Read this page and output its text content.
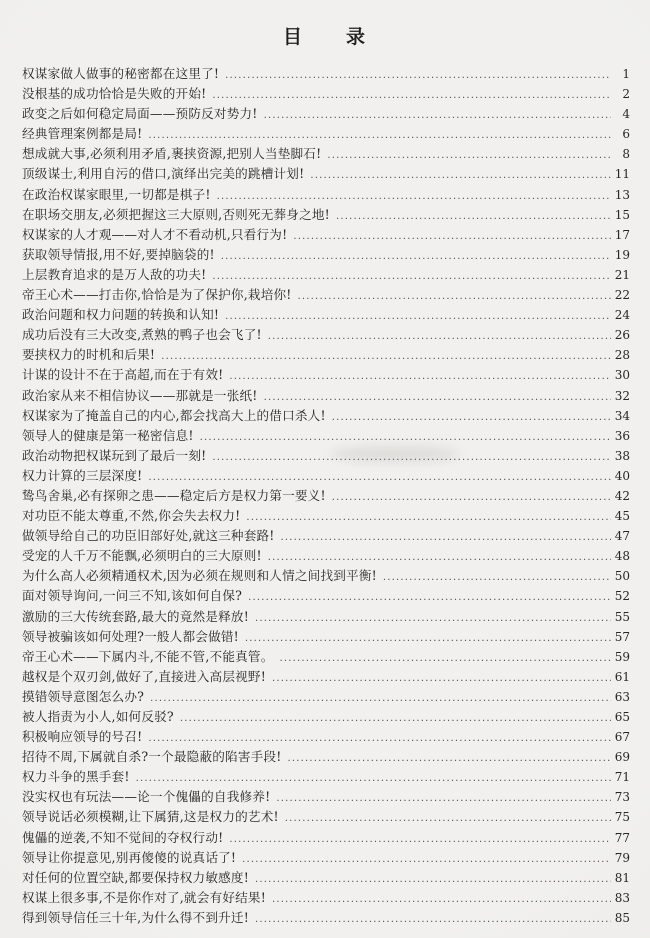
目　　录
权谋家做人做事的秘密都在这里了! .....	1
没根基的成功恰恰是失败的开始! .....	2
政变之后如何稳定局面——预防反对势力! .....	4
经典管理案例都是局! .....	6
想成就大事,必须利用矛盾,裹挟资源,把别人当垫脚石! .....	8
顶级谋士,利用自污的借口,演绎出完美的跳槽计划! .....	11
在政治权谋家眼里,一切都是棋子! .....	13
在职场交朋友,必须把握这三大原则,否则死无葬身之地! .....	15
权谋家的人才观——对人才不看动机,只看行为! .....	17
获取领导情报,用不好,要掉脑袋的! .....	19
上层教育追求的是万人敌的功夫! .....	21
帝王心术——打击你,恰恰是为了保护你,栽培你! .....	22
政治问题和权力问题的转换和认知! .....	24
成功后没有三大改变,煮熟的鸭子也会飞了! .....	26
要挟权力的时机和后果! .....	28
计谋的设计不在于高超,而在于有效! .....	30
政治家从来不相信协议——那就是一张纸! .....	32
权谋家为了掩盖自己的内心,都会找高大上的借口杀人! .....	34
领导人的健康是第一秘密信息! .....	36
政治动物把权谋玩到了最后一刻! .....	38
权力计算的三层深度! .....	40
鸷鸟舍巢,必有探卵之患——稳定后方是权力第一要义! .....	42
对功臣不能太尊重,不然,你会失去权力! .....	45
做领导给自己的功臣旧部好处,就这三种套路! .....	47
受宠的人千万不能飘,必须明白的三大原则! .....	48
为什么高人必须精通权术,因为必须在规则和人情之间找到平衡! .....	50
面对领导询问,一问三不知,该如何自保? .....	52
激励的三大传统套路,最大的竟然是释放! .....	55
领导被骗该如何处理?一般人都会做错! .....	57
帝王心术——下属内斗,不能不管,不能真管。 .....	59
越权是个双刃剑,做好了,直接进入高层视野! .....	61
摸错领导意图怎么办? .....	63
被人指责为小人,如何反驳? .....	65
积极响应领导的号召! .....	67
招待不周,下属就自杀?一个最隐蔽的陷害手段! .....	69
权力斗争的黑手套! .....	71
没实权也有玩法——论一个傀儡的自我修养! .....	73
领导说话必须模糊,让下属猜,这是权力的艺术! .....	75
傀儡的逆袭,不知不觉间的夺权行动! .....	77
领导让你提意见,别再傻傻的说真话了! .....	79
对任何的位置空缺,都要保持权力敏感度! .....	81
权谋上很多事,不是你作对了,就会有好结果! .....	83
得到领导信任三十年,为什么得不到升迁! .....	85
